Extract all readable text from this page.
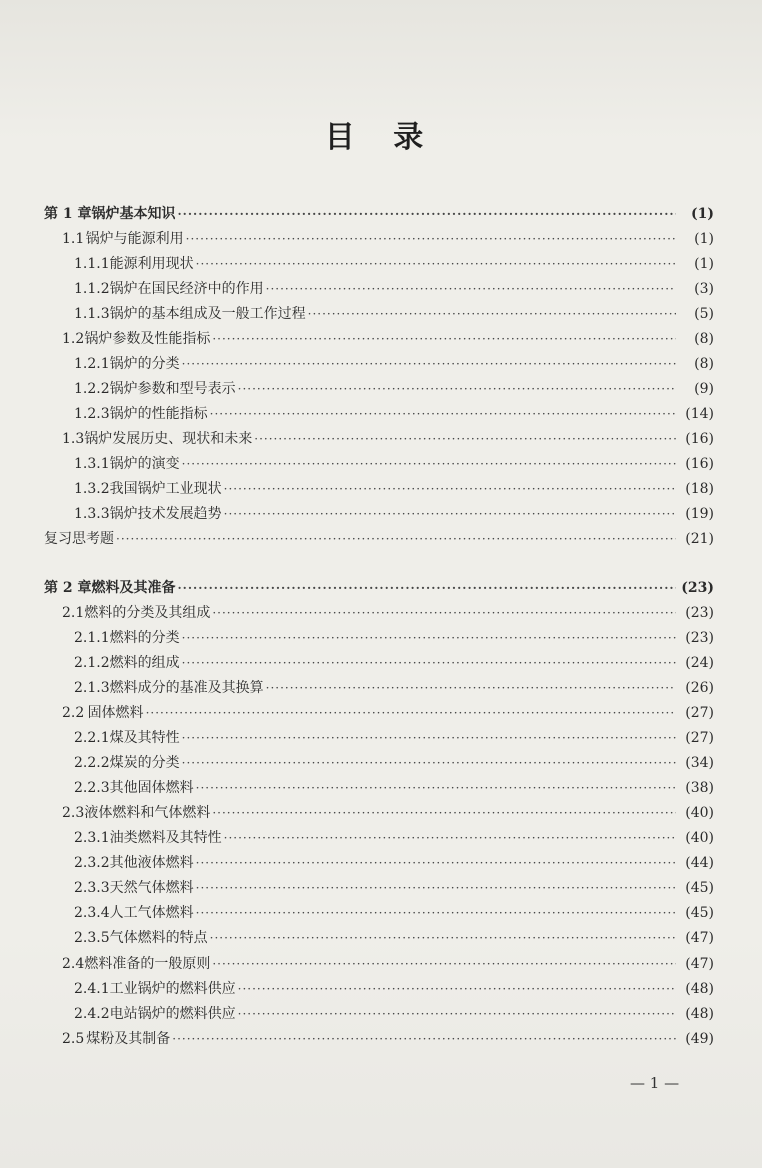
目 录
第 1 章 锅炉基本知识 ·····	(1)
1.1 锅炉与能源利用 ·····	(1)
1.1.1 能源利用现状 ·····	(1)
1.1.2 锅炉在国民经济中的作用 ·····	(3)
1.1.3 锅炉的基本组成及一般工作过程 ·····	(5)
1.2 锅炉参数及性能指标 ·····	(8)
1.2.1 锅炉的分类 ·····	(8)
1.2.2 锅炉参数和型号表示 ·····	(9)
1.2.3 锅炉的性能指标 ·····	(14)
1.3 锅炉发展历史、现状和未来 ·····	(16)
1.3.1 锅炉的演变 ·····	(16)
1.3.2 我国锅炉工业现状 ·····	(18)
1.3.3 锅炉技术发展趋势 ·····	(19)
复习思考题 ·····	(21)
第 2 章 燃料及其准备 ·····	(23)
2.1 燃料的分类及其组成 ·····	(23)
2.1.1 燃料的分类 ·····	(23)
2.1.2 燃料的组成 ·····	(24)
2.1.3 燃料成分的基准及其换算 ·····	(26)
2.2 固体燃料 ·····	(27)
2.2.1 煤及其特性 ·····	(27)
2.2.2 煤炭的分类 ·····	(34)
2.2.3 其他固体燃料 ·····	(38)
2.3 液体燃料和气体燃料 ·····	(40)
2.3.1 油类燃料及其特性 ·····	(40)
2.3.2 其他液体燃料 ·····	(44)
2.3.3 天然气体燃料 ·····	(45)
2.3.4 人工气体燃料 ·····	(45)
2.3.5 气体燃料的特点 ·····	(47)
2.4 燃料准备的一般原则 ·····	(47)
2.4.1 工业锅炉的燃料供应 ·····	(48)
2.4.2 电站锅炉的燃料供应 ·····	(48)
2.5 煤粉及其制备 ·····	(49)
— 1 —
